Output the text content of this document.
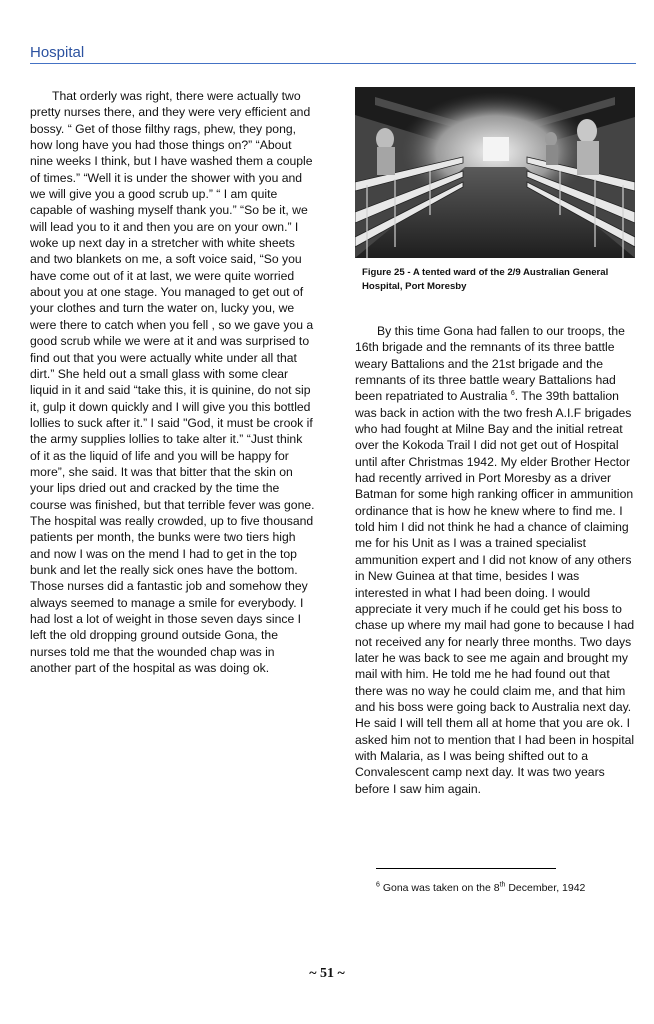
Hospital

That orderly was right, there were actually two pretty nurses there, and they were very efficient and bossy. “ Get of those filthy rags, phew, they pong, how long have you had those things on?” “About nine weeks I think, but I have washed them a couple of times.” “Well it is under the shower with you and we will give you a good scrub up.” “ I am quite capable of washing myself thank you.” “So be it, we will lead you to it and then you are on your own.” I woke up next day in a stretcher with white sheets and two blankets on me, a soft voice said, “So you have come out of it at last, we were quite worried about you at one stage. You managed to get out of your clothes and turn the water on, lucky you, we were there to catch when you fell , so we gave you a good scrub while we were at it and was surprised to find out that you were actually white under all that dirt.” She held out a small glass with some clear liquid in it and said “take this, it is quinine, do not sip it, gulp it down quickly and I will give you this bottled lollies to suck after it.” I said "God, it must be crook if the army supplies lollies to take alter it.” “Just think of it as the liquid of life and you will be happy for more”, she said. It was that bitter that the skin on your lips dried out and cracked by the time the course was finished, but that terrible fever was gone. The hospital was really crowded, up to five thousand patients per month, the bunks were two tiers high and now I was on the mend I had to get in the top bunk and let the really sick ones have the bottom. Those nurses did a fantastic job and somehow they always seemed to manage a smile for everybody. I had lost a lot of weight in those seven days since I left the old dropping ground outside Gona, the nurses told me that the wounded chap was in another part of the hospital as was doing ok.

Figure 25 - A tented ward of the 2/9 Australian General Hospital, Port Moresby

By this time Gona had fallen to our troops, the 16th brigade and the remnants of its three battle weary Battalions and the 21st brigade and the remnants of its three battle weary Battalions had been repatriated to Australia $^6$. The 39th battalion was back in action with the two fresh A.I.F brigades who had fought at Milne Bay and the initial retreat over the Kokoda Trail I did not get out of Hospital until after Christmas 1942. My elder Brother Hector had recently arrived in Port Moresby as a driver Batman for some high ranking officer in ammunition ordinance that is how he knew where to find me. I told him I did not think he had a chance of claiming me for his Unit as I was a trained specialist ammunition expert and I did not know of any others in New Guinea at that time, besides I was interested in what I had been doing. I would appreciate it very much if he could get his boss to chase up where my mail had gone to because I had not received any for nearly three months. Two days later he was back to see me again and brought my mail with him. He told me he had found out that there was no way he could claim me, and that him and his boss were going back to Australia next day. He said I will tell them all at home that you are ok. I asked him not to mention that I had been in hospital with Malaria, as I was being shifted out to a Convalescent camp next day. It was two years before I saw him again.

$^6$ Gona was taken on the 8th December, 1942
~ 51 ~
